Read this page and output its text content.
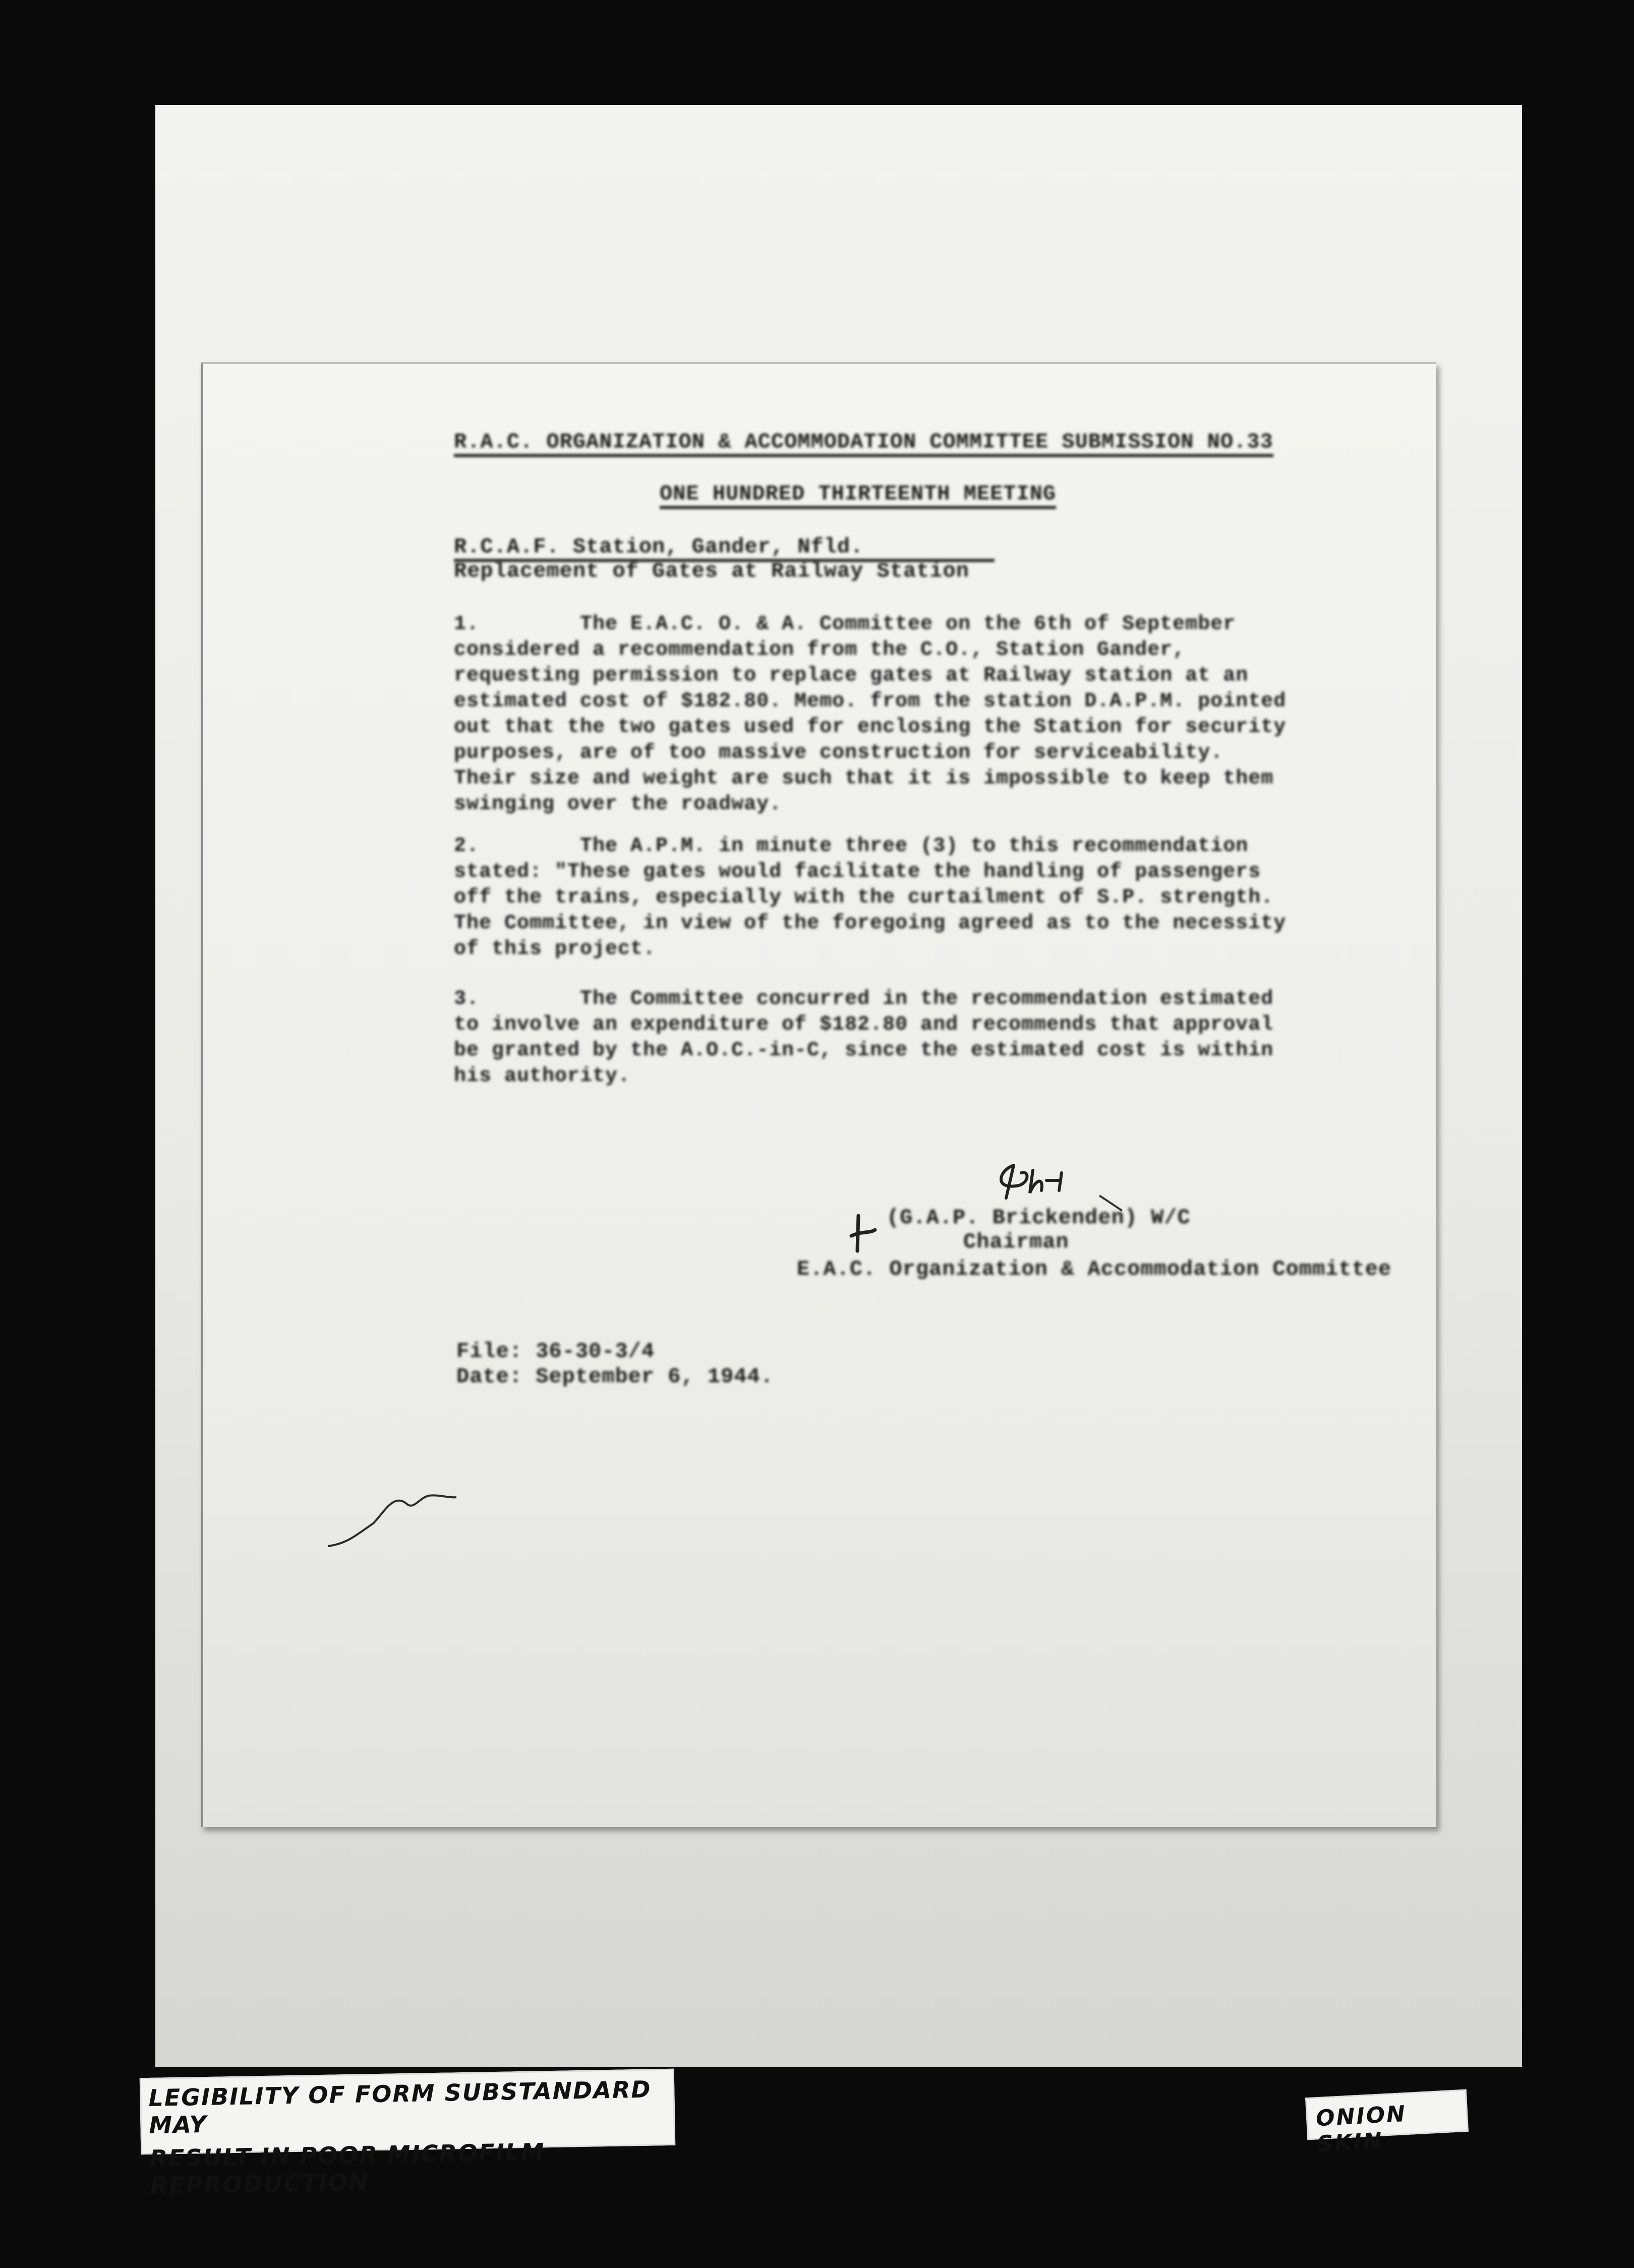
R.A.C. ORGANIZATION & ACCOMMODATION COMMITTEE SUBMISSION NO.33
ONE HUNDRED THIRTEENTH MEETING
R.C.A.F. Station, Gander, Nfld.
Replacement of Gates at Railway Station
1.	The E.A.C. O. & A. Committee on the 6th of September considered a recommendation from the C.O., Station Gander, requesting permission to replace gates at Railway station at an estimated cost of $182.80. Memo. from the station D.A.P.M. pointed out that the two gates used for enclosing the Station for security purposes, are of too massive construction for serviceability. Their size and weight are such that it is impossible to keep them swinging over the roadway.
2.	The A.P.M. in minute three (3) to this recommendation stated: "These gates would facilitate the handling of passengers off the trains, especially with the curtailment of S.P. strength. The Committee, in view of the foregoing agreed as to the necessity of this project.
3.	The Committee concurred in the recommendation estimated to involve an expenditure of $182.80 and recommends that approval be granted by the A.O.C.-in-C, since the estimated cost is within his authority.
(G.A.P. Brickenden) W/C
Chairman
E.A.C. Organization & Accommodation Committee
File: 36-30-3/4
Date: September 6, 1944.
LEGIBILITY OF FORM SUBSTANDARD MAY
RESULT IN POOR MICROFILM REPRODUCTION
ONION SKIN
